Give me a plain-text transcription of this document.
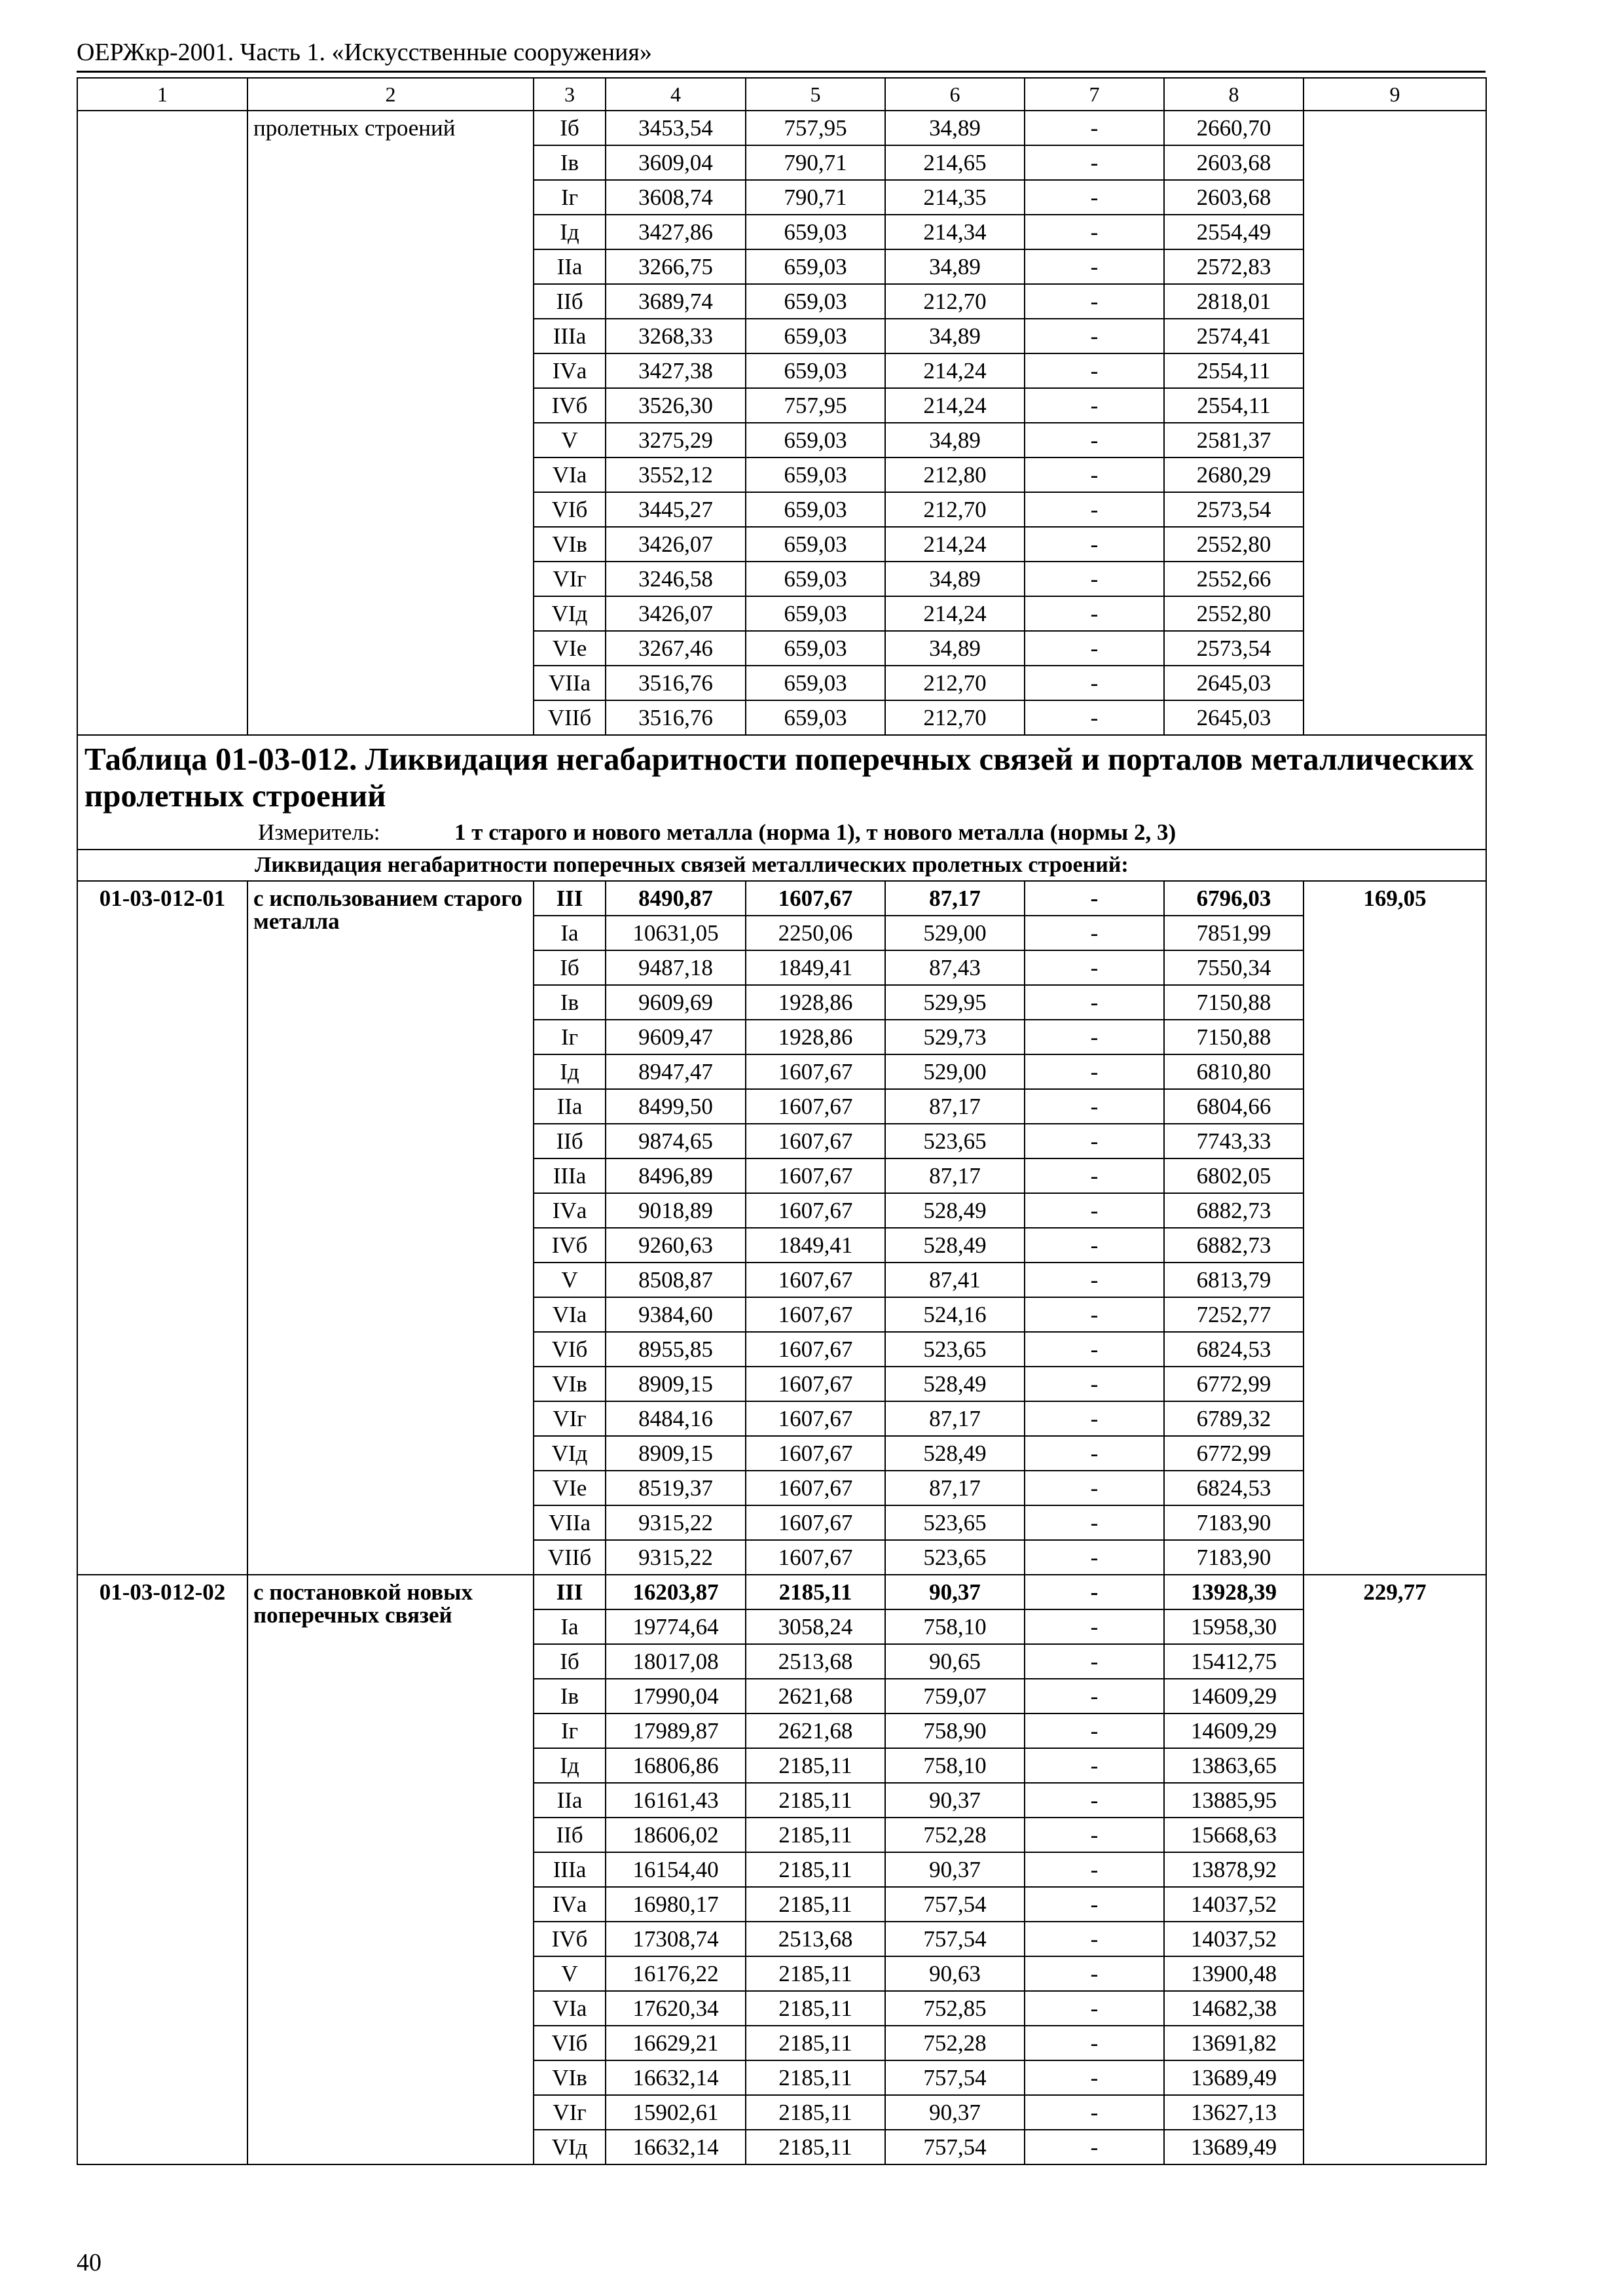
ОЕРЖкр-2001. Часть 1. «Искусственные сооружения»
1	2	3	4	5	6	7	8	9
	пролетных строений	Iб	3453,54	757,95	34,89	-	2660,70	
		Iв	3609,04	790,71	214,65	-	2603,68	
		Iг	3608,74	790,71	214,35	-	2603,68	
		Iд	3427,86	659,03	214,34	-	2554,49	
		IIа	3266,75	659,03	34,89	-	2572,83	
		IIб	3689,74	659,03	212,70	-	2818,01	
		IIIа	3268,33	659,03	34,89	-	2574,41	
		IVа	3427,38	659,03	214,24	-	2554,11	
		IVб	3526,30	757,95	214,24	-	2554,11	
		V	3275,29	659,03	34,89	-	2581,37	
		VIа	3552,12	659,03	212,80	-	2680,29	
		VIб	3445,27	659,03	212,70	-	2573,54	
		VIв	3426,07	659,03	214,24	-	2552,80	
		VIг	3246,58	659,03	34,89	-	2552,66	
		VIд	3426,07	659,03	214,24	-	2552,80	
		VIе	3267,46	659,03	34,89	-	2573,54	
		VIIа	3516,76	659,03	212,70	-	2645,03	
		VIIб	3516,76	659,03	212,70	-	2645,03	
Таблица 01-03-012. Ликвидация негабаритности поперечных связей и порталов металлических пролетных строений
Измеритель: 1 т старого и нового металла (норма 1), т нового металла (нормы 2, 3)								

Ликвидация негабаритности поперечных связей металлических пролетных строений:								
01-03-012-01	с использованием старого металла	III	8490,87	1607,67	87,17	-	6796,03	169,05
		Iа	10631,05	2250,06	529,00	-	7851,99	
		Iб	9487,18	1849,41	87,43	-	7550,34	
		Iв	9609,69	1928,86	529,95	-	7150,88	
		Iг	9609,47	1928,86	529,73	-	7150,88	
		Iд	8947,47	1607,67	529,00	-	6810,80	
		IIа	8499,50	1607,67	87,17	-	6804,66	
		IIб	9874,65	1607,67	523,65	-	7743,33	
		IIIа	8496,89	1607,67	87,17	-	6802,05	
		IVа	9018,89	1607,67	528,49	-	6882,73	
		IVб	9260,63	1849,41	528,49	-	6882,73	
		V	8508,87	1607,67	87,41	-	6813,79	
		VIа	9384,60	1607,67	524,16	-	7252,77	
		VIб	8955,85	1607,67	523,65	-	6824,53	
		VIв	8909,15	1607,67	528,49	-	6772,99	
		VIг	8484,16	1607,67	87,17	-	6789,32	
		VIд	8909,15	1607,67	528,49	-	6772,99	
		VIе	8519,37	1607,67	87,17	-	6824,53	
		VIIа	9315,22	1607,67	523,65	-	7183,90	
		VIIб	9315,22	1607,67	523,65	-	7183,90	
01-03-012-02	с постановкой новых поперечных связей	III	16203,87	2185,11	90,37	-	13928,39	229,77
		Iа	19774,64	3058,24	758,10	-	15958,30	
		Iб	18017,08	2513,68	90,65	-	15412,75	
		Iв	17990,04	2621,68	759,07	-	14609,29	
		Iг	17989,87	2621,68	758,90	-	14609,29	
		Iд	16806,86	2185,11	758,10	-	13863,65	
		IIа	16161,43	2185,11	90,37	-	13885,95	
		IIб	18606,02	2185,11	752,28	-	15668,63	
		IIIа	16154,40	2185,11	90,37	-	13878,92	
		IVа	16980,17	2185,11	757,54	-	14037,52	
		IVб	17308,74	2513,68	757,54	-	14037,52	
		V	16176,22	2185,11	90,63	-	13900,48	
		VIа	17620,34	2185,11	752,85	-	14682,38	
		VIб	16629,21	2185,11	752,28	-	13691,82	
		VIв	16632,14	2185,11	757,54	-	13689,49	
		VIг	15902,61	2185,11	90,37	-	13627,13	
		VIд	16632,14	2185,11	757,54	-	13689,49	
40
